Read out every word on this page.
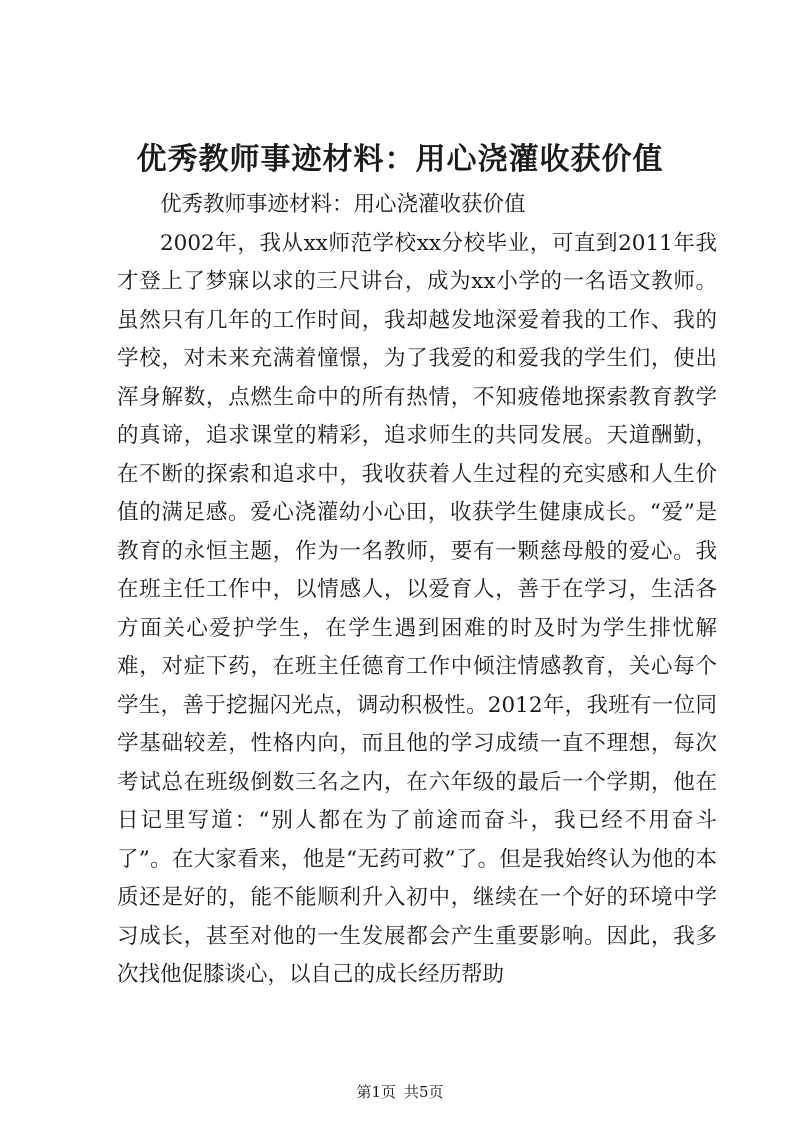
优秀教师事迹材料：用心浇灌收获价值

优秀教师事迹材料：用心浇灌收获价值

2002年，我从xx师范学校xx分校毕业，可直到2011年我才登上了梦寐以求的三尺讲台，成为xx小学的一名语文教师。虽然只有几年的工作时间，我却越发地深爱着我的工作、我的学校，对未来充满着憧憬，为了我爱的和爱我的学生们，使出浑身解数，点燃生命中的所有热情，不知疲倦地探索教育教学的真谛，追求课堂的精彩，追求师生的共同发展。天道酬勤，在不断的探索和追求中，我收获着人生过程的充实感和人生价值的满足感。爱心浇灌幼小心田，收获学生健康成长。“爱”是教育的永恒主题，作为一名教师，要有一颗慈母般的爱心。我在班主任工作中，以情感人，以爱育人，善于在学习，生活各方面关心爱护学生，在学生遇到困难的时及时为学生排忧解难，对症下药，在班主任德育工作中倾注情感教育，关心每个学生，善于挖掘闪光点，调动积极性。2012年，我班有一位同学基础较差，性格内向，而且他的学习成绩一直不理想，每次考试总在班级倒数三名之内，在六年级的最后一个学期，他在日记里写道：“别人都在为了前途而奋斗，我已经不用奋斗了”。在大家看来，他是“无药可救”了。但是我始终认为他的本质还是好的，能不能顺利升入初中，继续在一个好的环境中学习成长，甚至对他的一生发展都会产生重要影响。因此，我多次找他促膝谈心，以自己的成长经历帮助

第1页 共5页
